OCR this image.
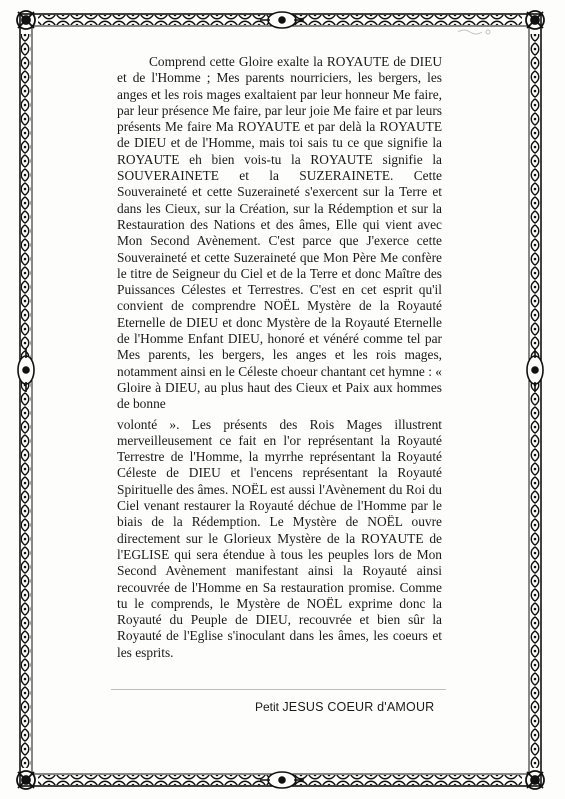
Comprend cette Gloire exalte la ROYAUTE de DIEU et de l'Homme ; Mes parents nourriciers, les bergers, les anges et les rois mages exaltaient par leur honneur Me faire, par leur présence Me faire, par leur joie Me faire et par leurs présents Me faire Ma ROYAUTE et par delà la ROYAUTE de DIEU et de l'Homme, mais toi sais tu ce que signifie la ROYAUTE eh bien vois-tu la ROYAUTE signifie la SOUVERAINETE et la SUZERAINETE. Cette Souveraineté et cette Suzeraineté s'exercent sur la Terre et dans les Cieux, sur la Création, sur la Rédemption et sur la Restauration des Nations et des âmes, Elle qui vient avec Mon Second Avènement. C'est parce que J'exerce cette Souveraineté et cette Suzeraineté que Mon Père Me confère le titre de Seigneur du Ciel et de la Terre et donc Maître des Puissances Célestes et Terrestres. C'est en cet esprit qu'il convient de comprendre NOËL Mystère de la Royauté Eternelle de DIEU et donc Mystère de la Royauté Eternelle de l'Homme Enfant DIEU, honoré et vénéré comme tel par Mes parents, les bergers, les anges et les rois mages, notamment ainsi en le Céleste choeur chantant cet hymne : « Gloire à DIEU, au plus haut des Cieux et Paix aux hommes de bonne

volonté ». Les présents des Rois Mages illustrent merveilleusement ce fait en l'or représentant la Royauté Terrestre de l'Homme, la myrrhe représentant la Royauté Céleste de DIEU et l'encens représentant la Royauté Spirituelle des âmes. NOËL est aussi l'Avènement du Roi du Ciel venant restaurer la Royauté déchue de l'Homme par le biais de la Rédemption. Le Mystère de NOËL ouvre directement sur le Glorieux Mystère de la ROYAUTE de l'EGLISE qui sera étendue à tous les peuples lors de Mon Second Avènement manifestant ainsi la Royauté ainsi recouvrée de l'Homme en Sa restauration promise. Comme tu le comprends, le Mystère de NOËL exprime donc la Royauté du Peuple de DIEU, recouvrée et bien sûr la Royauté de l'Eglise s'inoculant dans les âmes, les coeurs et les esprits.

Petit JESUS COEUR d'AMOUR
